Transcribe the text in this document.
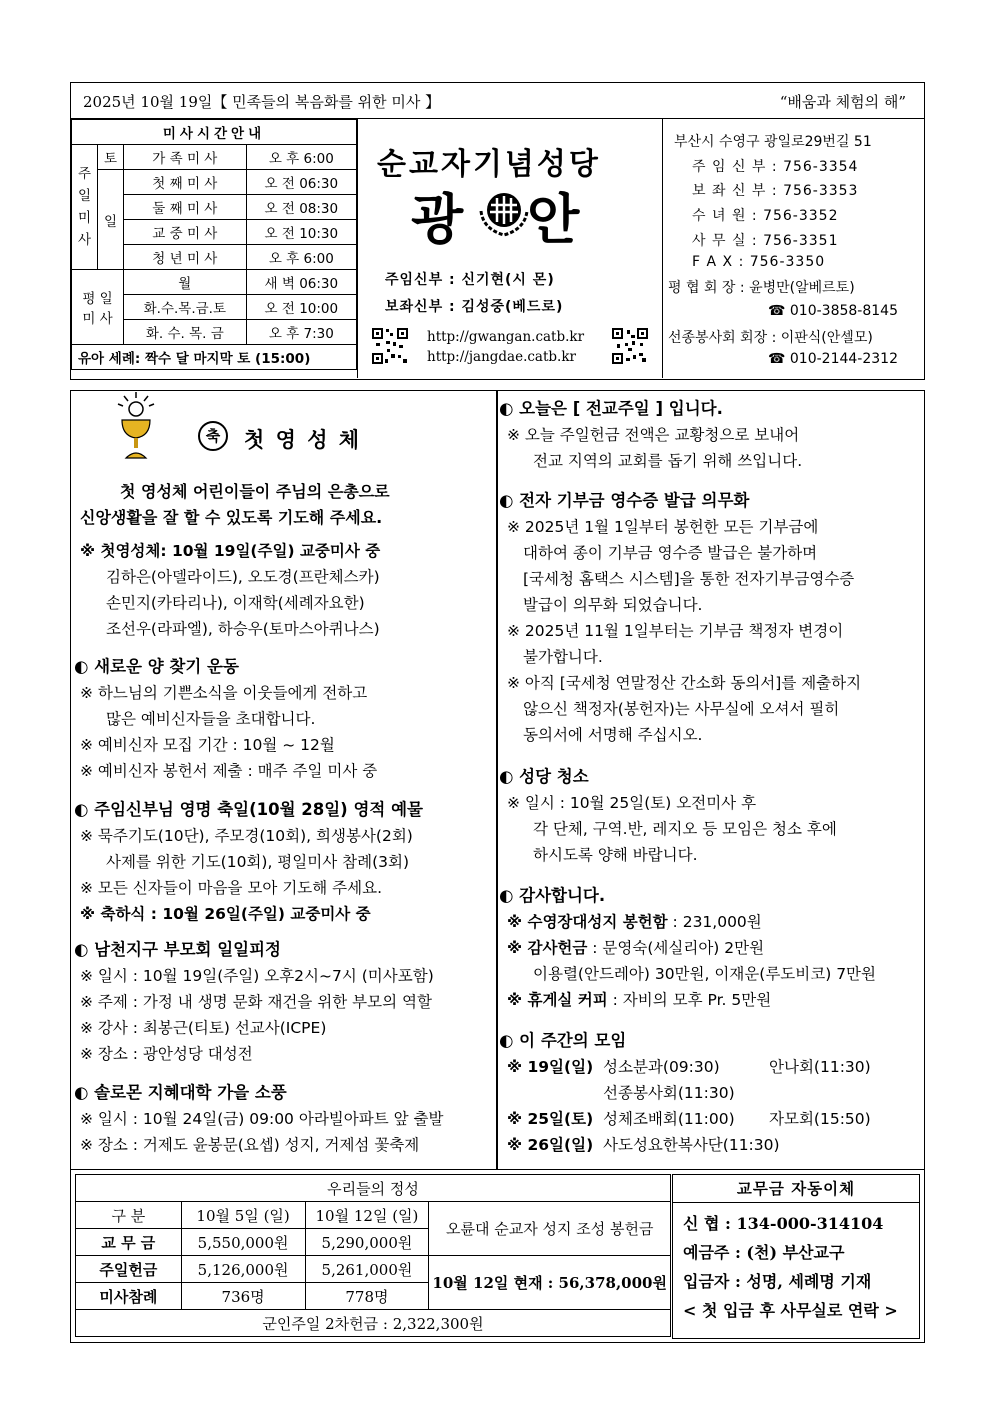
2025년 10월 19일【 민족들의 복음화를 위한 미사 】	“배움과 체험의 해”
미사시간안내			
주
일
미
사	토	가 족 미 사	오 후 6:00
	일	첫 째 미 사	오 전 06:30
		둘 째 미 사	오 전 08:30
		교 중 미 사	오 전 10:30
		청 년 미 사	오 후 6:00
평 일
미 사		월	새 벽 06:30
		화.수.목.금.토	오 전 10:00
		화. 수. 목. 금	오 후 7:30
유아 세례: 짝수 달 마지막 토 (15:00)			
순교자기념성당
광 안
주임신부 : 신기현(시 몬)
보좌신부 : 김성중(베드로)
http://gwangan.catb.kr
http://jangdae.catb.kr
부산시 수영구 광일로29번길 51
주 임 신 부 : 756-3354
보 좌 신 부 : 756-3353
수 녀 원 : 756-3352
사 무 실 : 756-3351
F A X : 756-3350
평 협 회 장 : 윤병만(알베르토)
☎ 010-3858-8145
선종봉사회 회장 : 이판식(안셀모)
☎ 010-2144-2312
축	첫 영 성 체
첫 영성체 어린이들이 주님의 은총으로
신앙생활을 잘 할 수 있도록 기도해 주세요.
※ 첫영성체: 10월 19일(주일) 교중미사 중
김하은(아델라이드), 오도경(프란체스카)
손민지(카타리나), 이재학(세례자요한)
조선우(라파엘), 하승우(토마스아퀴나스)
◐ 새로운 양 찾기 운동
※ 하느님의 기쁜소식을 이웃들에게 전하고
많은 예비신자들을 초대합니다.
※ 예비신자 모집 기간 : 10월 ~ 12월
※ 예비신자 봉헌서 제출 : 매주 주일 미사 중
◐ 주임신부님 영명 축일(10월 28일) 영적 예물
※ 묵주기도(10단), 주모경(10회), 희생봉사(2회)
사제를 위한 기도(10회), 평일미사 참례(3회)
※ 모든 신자들이 마음을 모아 기도해 주세요.
※ 축하식 : 10월 26일(주일) 교중미사 중
◐ 남천지구 부모회 일일피정
※ 일시 : 10월 19일(주일) 오후2시~7시 (미사포함)
※ 주제 : 가정 내 생명 문화 재건을 위한 부모의 역할
※ 강사 : 최봉근(티토) 선교사(ICPE)
※ 장소 : 광안성당 대성전
◐ 솔로몬 지혜대학 가을 소풍
※ 일시 : 10월 24일(금) 09:00 아라빌아파트 앞 출발
※ 장소 : 거제도 윤봉문(요셉) 성지, 거제섬 꽃축제
◐ 오늘은 [ 전교주일 ] 입니다.
※ 오늘 주일헌금 전액은 교황청으로 보내어
전교 지역의 교회를 돕기 위해 쓰입니다.
◐ 전자 기부금 영수증 발급 의무화
※ 2025년 1월 1일부터 봉헌한 모든 기부금에
대하여 종이 기부금 영수증 발급은 불가하며
[국세청 홈택스 시스템]을 통한 전자기부금영수증
발급이 의무화 되었습니다.
※ 2025년 11월 1일부터는 기부금 책정자 변경이
불가합니다.
※ 아직 [국세청 연말정산 간소화 동의서]를 제출하지
않으신 책정자(봉헌자)는 사무실에 오셔서 필히
동의서에 서명해 주십시오.
◐ 성당 청소
※ 일시 : 10월 25일(토) 오전미사 후
각 단체, 구역.반, 레지오 등 모임은 청소 후에
하시도록 양해 바랍니다.
◐ 감사합니다.
※ 수영장대성지 봉헌함 : 231,000원
※ 감사헌금 : 문영숙(세실리아) 2만원
이용렬(안드레아) 30만원, 이재운(루도비코) 7만원
※ 휴게실 커피 : 자비의 모후 Pr. 5만원
◐ 이 주간의 모임
※ 19일(일) 성소분과(09:30)	안나회(11:30)
선종봉사회(11:30)
※ 25일(토) 성체조배회(11:00) 자모회(15:50)
※ 26일(일) 사도성요한복사단(11:30)
우리들의 정성			
구 분	10월 5일 (일)	10월 12일 (일)	오륜대 순교자 성지 조성 봉헌금
교 무 금	5,550,000원	5,290,000원	
주일헌금	5,126,000원	5,261,000원	10월 12일 현재 : 56,378,000원
미사참례	736명	778명	
군인주일 2차헌금 : 2,322,300원			
교무금 자동이체
신 협 : 134-000-314104
예금주 : (천) 부산교구
입금자 : 성명, 세례명 기재
< 첫 입금 후 사무실로 연락 >
